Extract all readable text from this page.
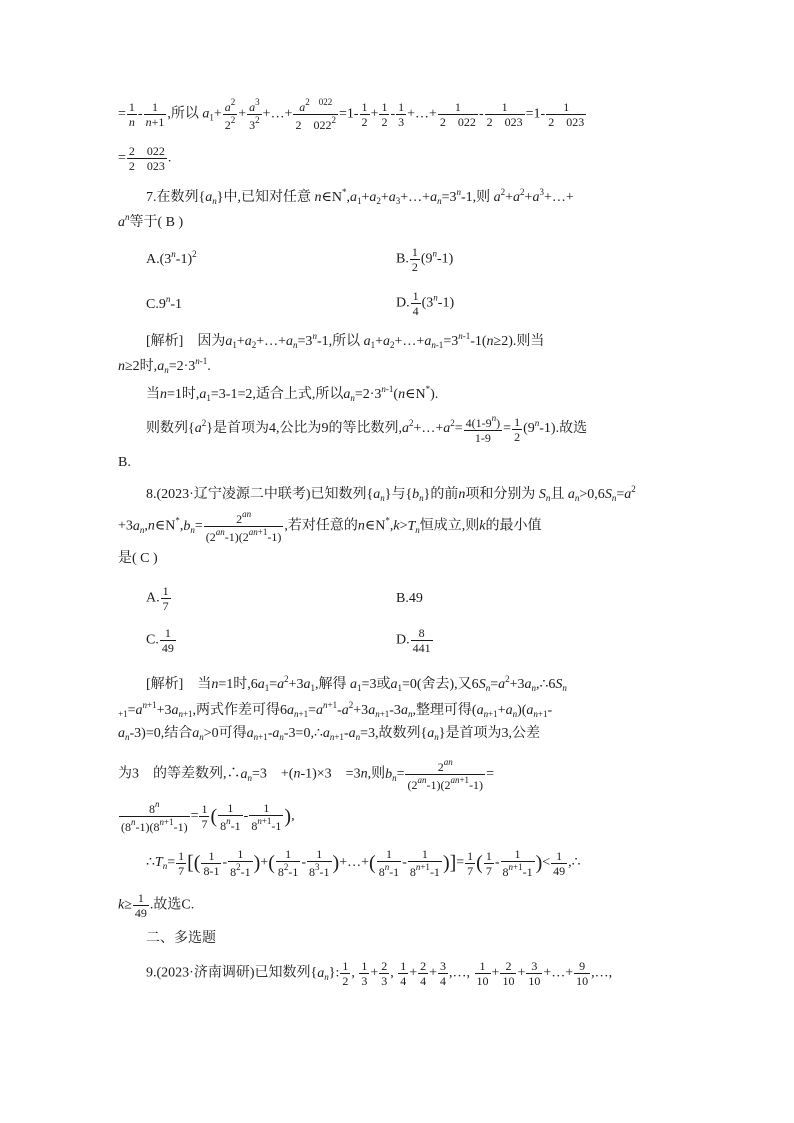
= $\frac{1}{n} - \frac{1}{n+1}$ ,所以 $a_1+ \frac{a^2}{2^2} + \frac{a^3}{3^2}$ +…+ $\frac{a^{2 022}}{2 022^2} =1- \frac{1}{2} + \frac{1}{2} - \frac{1}{3}$ +…+ $\frac{1}{2 022} - \frac{1}{2 023} =1- \frac{1}{2 023}$
= $\frac{2 022}{2 023}$ .
7.在数列$\{a_n\}$中,已知对任意 $n\in N^*,a_1+a_2+a_3+\dots+a_n=3^n-1$,则 $a^2+a^2+a^3+\dots+$
$a^n$等于( B )
$A.(3^n-1)^2$	B. $\frac{1}{2} (9^n-1)$
C.9$^n$-1	D. $\frac{1}{4} (3^n-1)$
[解析]　因为$a_1+a_2+\dots+a_n=3^n-1$,所以 $a_1+a_2+\dots+a_{n-1}=3^{n-1}-1(n\ge 2)$.则当
n≥2时$,a_n=2\cdot 3^{n-1}$.
当n=1时$,a_1=3-1=2$,适合上式,所以$a_n=2\cdot 3^{n-1}(n\in N^*)$.
则数列$\{a^2\}$是首项为4,公比为9的等比数列$,a^2+\dots+a^2= \frac{4(1-9^n)}{1-9} = \frac{1}{2} (9^n-1)$.故选
B.
8.(2023·辽宁凌源二中联考)已知数列$\{a_n\}$与$\{b_n\}$的前n项和分别为 $S_n$且 $a_n>0,6S_n=a^2$
$+3a_n,n\in N^*,b_n= \frac{2^{an}}{(2^{an}-1)(2^{an+1}-1)}$ ,若对任意的$n\in N^*,k>T_n$恒成立,则k的最小值
是( C )
A. $\frac{1}{7}$	B.49
C. $\frac{1}{49}$	D. $\frac{8}{441}$
[解析]　当n=1时$,6a_1=a^2+3a_1$,解得 $a_1=3$或$a_1=0$(舍去),又$6S_n=a^2+3a_n,\therefore 6S_n$
$_{+1}=a^{n+1}+3a_{n+1}$,两式作差可得$6a_{n+1}=a^{n+1}-a^2+3a_{n+1}-3a_n$,整理可得$(a_{n+1}+a_n)(a_{n+1}-$
$a_n-3)=0$,结合$a_n>0$可得$a_{n+1}-a_n-3=0,\therefore a_{n+1}-a_n=3$,故数列$\{a_n\}$是首项为3,公差
为3　的等差数列$,\therefore a_n=3$　+(n-1)×3　=3n,则$b_n= \frac{2^{an}}{(2^{an}-1)(2^{an+1}-1)}$ =
$\frac{8^n}{(8^n-1)(8^{n+1}-1)} = \frac{1}{7}$ ( $\frac{1}{8^n-1} - \frac{1}{8^{n+1}-1}$ ),
$\therefore T_n= \frac{1}{7}$ [( $\frac{1}{8-1} - \frac{1}{8^2-1}$ )+( $\frac{1}{8^2-1} - \frac{1}{8^3-1}$ )+…+( $\frac{1}{8^n-1} - \frac{1}{8^{n+1}-1}$ )]= $\frac{1}{7}$ ( $\frac{1}{7} - \frac{1}{8^{n+1}-1}$ )< $\frac{1}{49}$ ,∴
$k\ge \frac{1}{49}$ .故选C.
二、多选题
9.(2023·济南调研)已知数列$\{a_n\}$: $\frac{1}{2}$ , $\frac{1}{3} + \frac{2}{3}$ , $\frac{1}{4} + \frac{2}{4} + \frac{3}{4}$ ,…, $\frac{1}{10} + \frac{2}{10} + \frac{3}{10}$ +…+ $\frac{9}{10}$ ,…,
